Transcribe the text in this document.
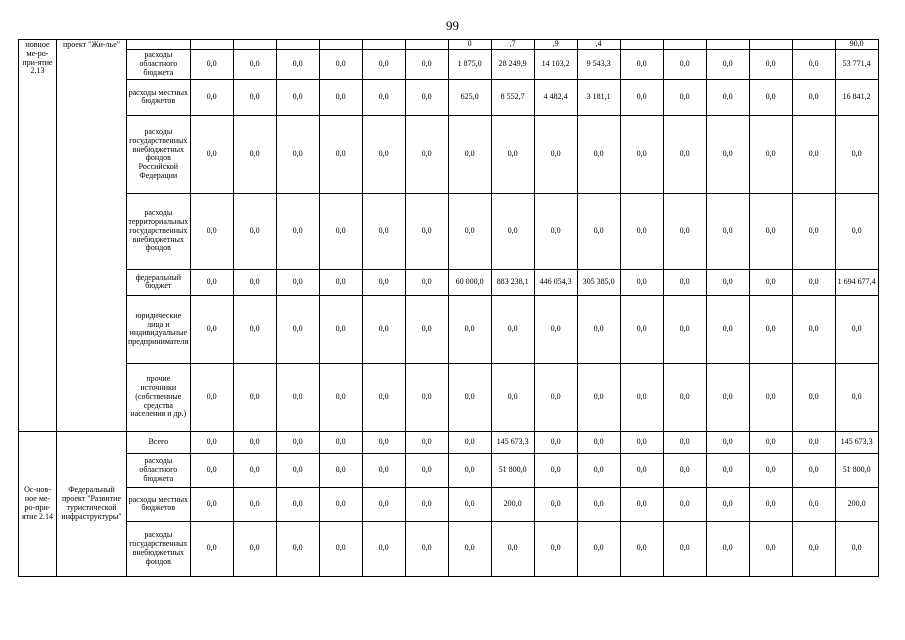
99
новное ме-ро-при-ятие 2.13	проект "Жи-лье"								0	,7	,9	,4						90,0
		расходы областного бюджета	0,0	0,0	0,0	0,0	0,0	0,0	1 875,0	28 249,9	14 103,2	9 543,3	0,0	0,0	0,0	0,0	0,0	53 771,4
		расходы местных бюджетов	0,0	0,0	0,0	0,0	0,0	0,0	625,0	8 552,7	4 482,4	3 181,1	0,0	0,0	0,0	0,0	0,0	16 841,2
		расходы государственных внебюджетных фондов Российской Федерации	0,0	0,0	0,0	0,0	0,0	0,0	0,0	0,0	0,0	0,0	0,0	0,0	0,0	0,0	0,0	0,0
		расходы территориальных государственных внебюджетных фондов	0,0	0,0	0,0	0,0	0,0	0,0	0,0	0,0	0,0	0,0	0,0	0,0	0,0	0,0	0,0	0,0
		федеральный бюджет	0,0	0,0	0,0	0,0	0,0	0,0	60 000,0	883 238,1	446 054,3	305 385,0	0,0	0,0	0,0	0,0	0,0	1 694 677,4
		юридические лица и индивидуальные предприниматели	0,0	0,0	0,0	0,0	0,0	0,0	0,0	0,0	0,0	0,0	0,0	0,0	0,0	0,0	0,0	0,0
		прочие источники (собственные средства населения и др.)	0,0	0,0	0,0	0,0	0,0	0,0	0,0	0,0	0,0	0,0	0,0	0,0	0,0	0,0	0,0	0,0
Ос-нов-ное ме-ро-при-ятие 2.14	Федеральный проект "Развитие туристической инфраструктуры"	Всего	0,0	0,0	0,0	0,0	0,0	0,0	0,0	145 673,3	0,0	0,0	0,0	0,0	0,0	0,0	0,0	145 673,3
		расходы областного бюджета	0,0	0,0	0,0	0,0	0,0	0,0	0,0	51 800,0	0,0	0,0	0,0	0,0	0,0	0,0	0,0	51 800,0
		расходы местных бюджетов	0,0	0,0	0,0	0,0	0,0	0,0	0,0	200,0	0,0	0,0	0,0	0,0	0,0	0,0	0,0	200,0
		расходы государственных внебюджетных фондов	0,0	0,0	0,0	0,0	0,0	0,0	0,0	0,0	0,0	0,0	0,0	0,0	0,0	0,0	0,0	0,0
